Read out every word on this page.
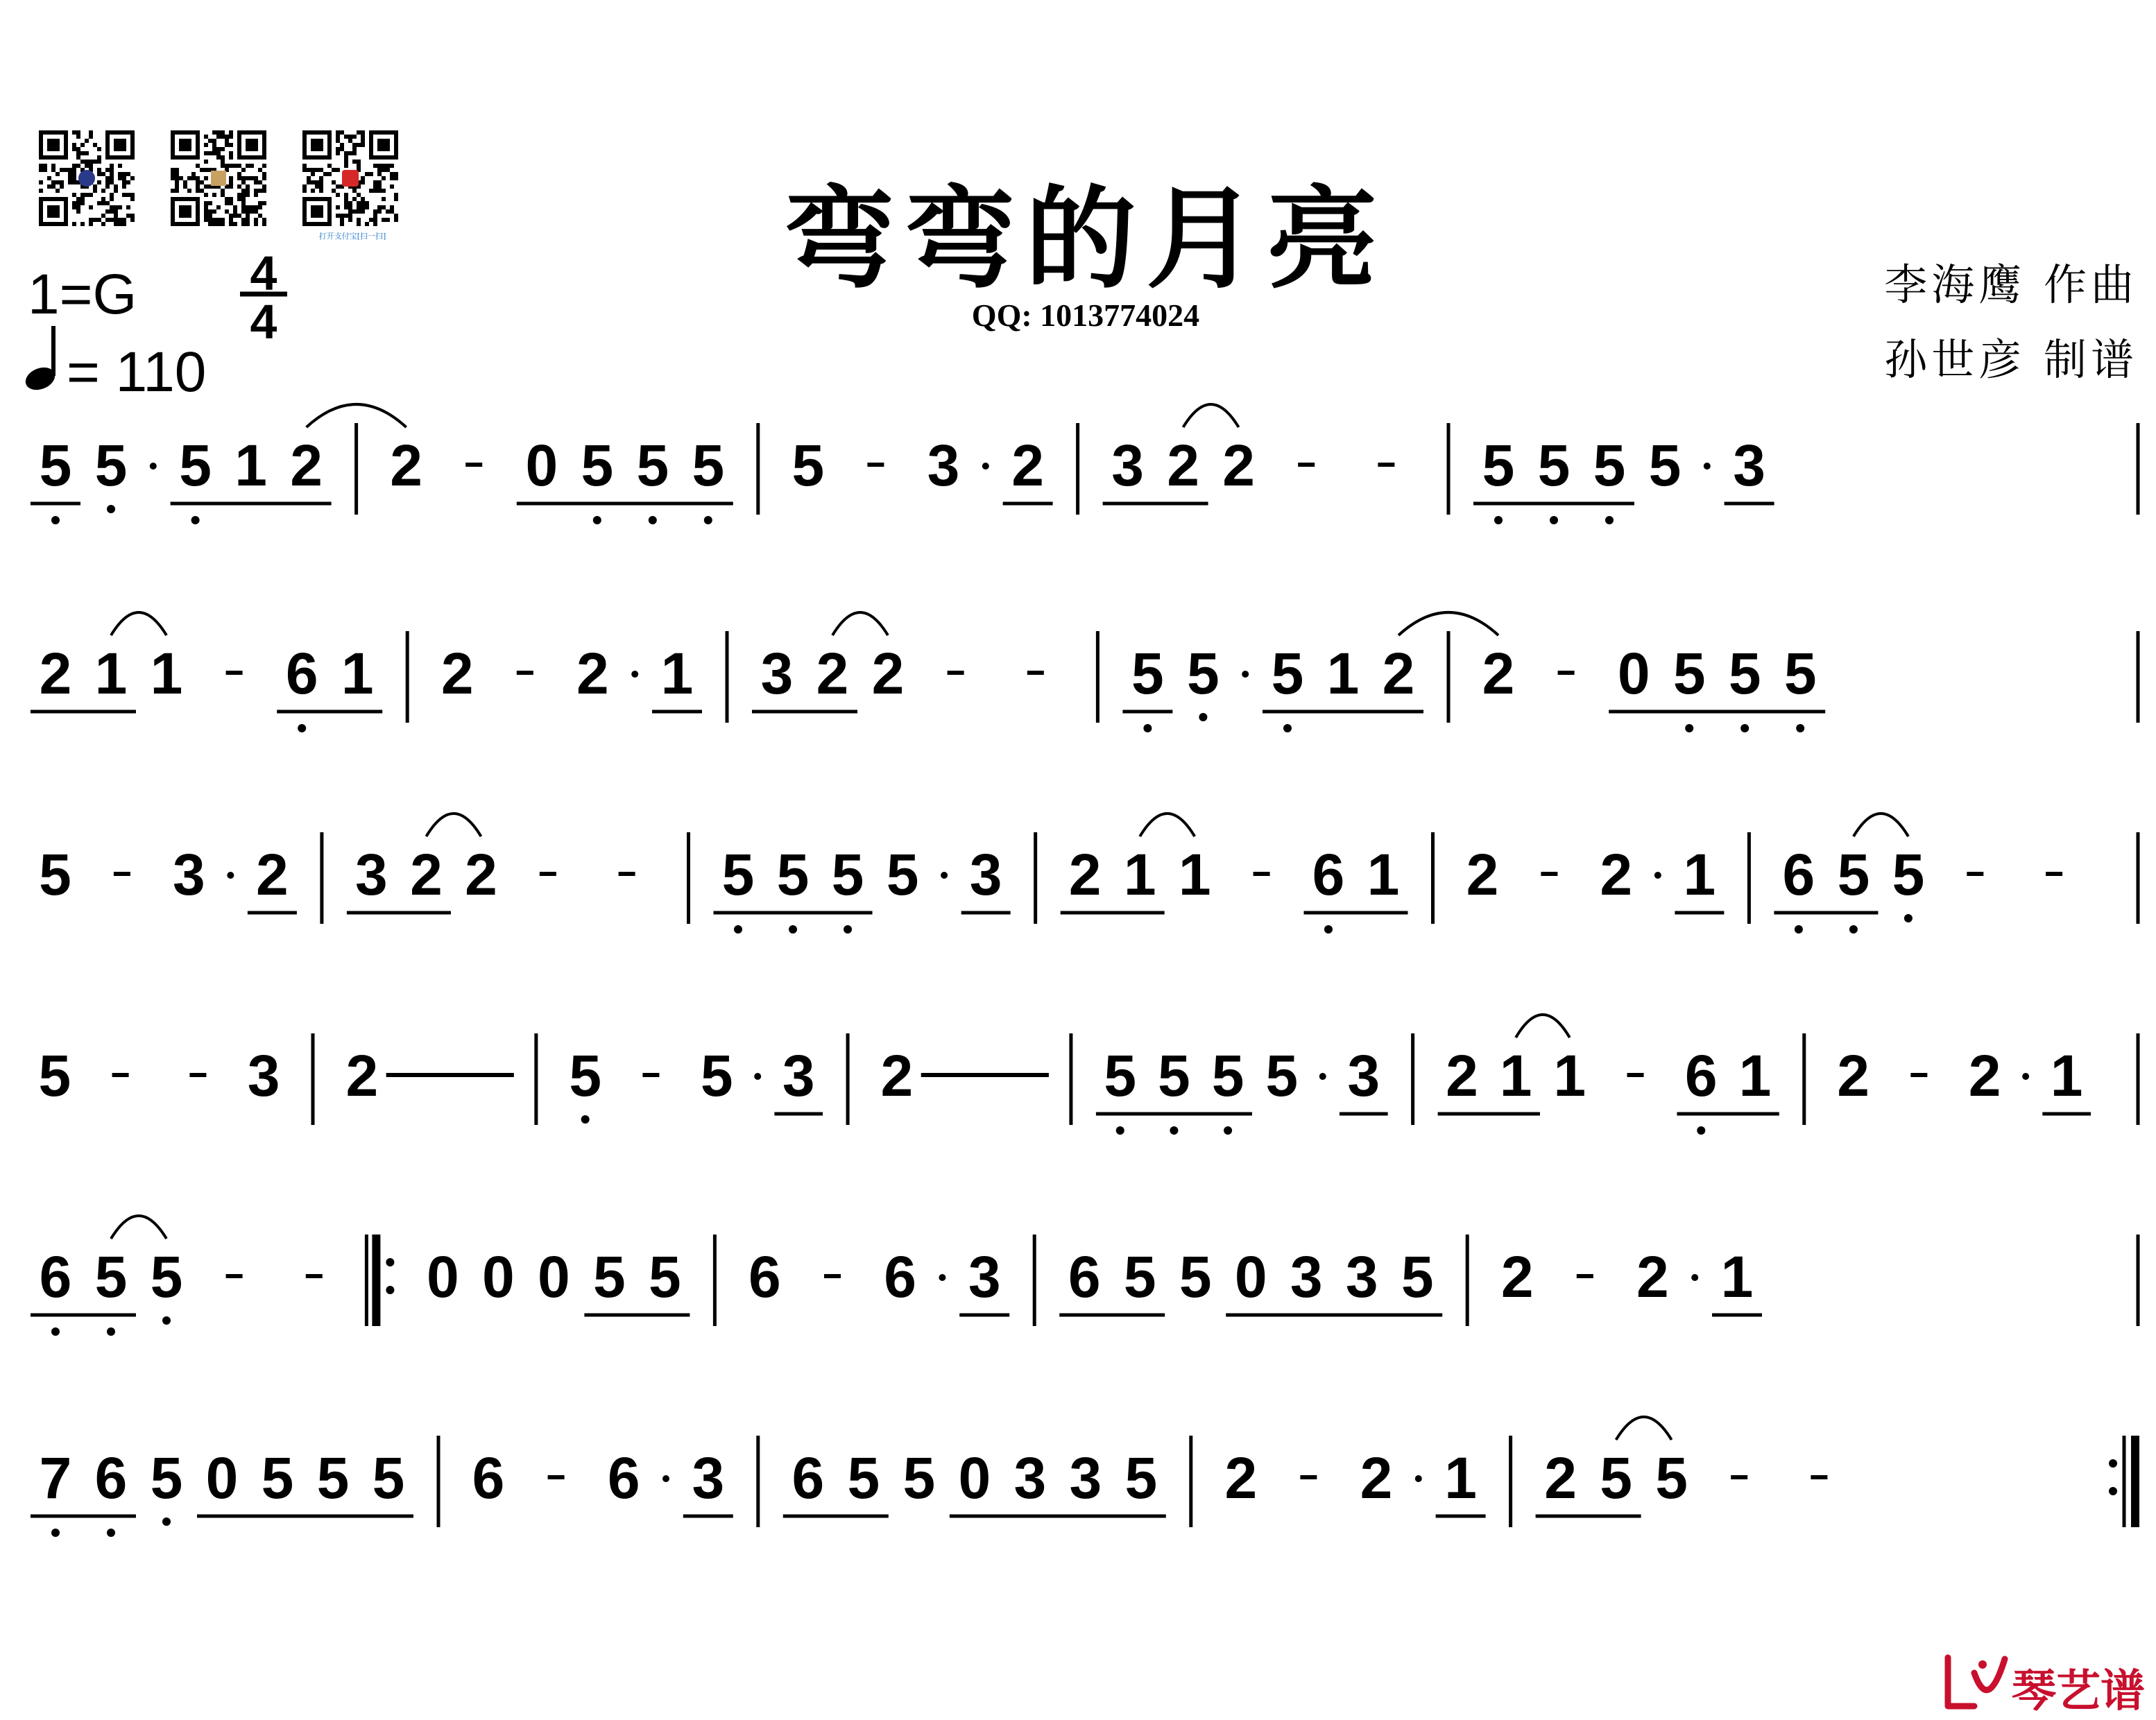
打开支付宝[扫一扫]	弯弯的月亮
QQ: 1013774024
李海鹰 作曲
孙世彦 制谱
1=G 4
4
= 110
5 5 5 1 2 2 0 5 5 5 5 3 2 3 2 2	5 5 5 5 3
2 1 1 6 1 2 2 1 3 2 2	5 5 5 1 2 2 0 5 5 5
5 3 2 3 2 2	5 5 5 5 3 2 1 1 6 1 2 2 1 6 5 5
5	3 2	5 5 3 2	5 5 5 5 3 2 1 1 6 1 2 2 1
6 5 5	0 0 0 5 5 6 6 3 6 5 5 0 3 3 5 2 2 1
7 6 5 0 5 5 5 6 6 3 6 5 5 0 3 3 5 2 2 1 2 5 5
琴艺谱
